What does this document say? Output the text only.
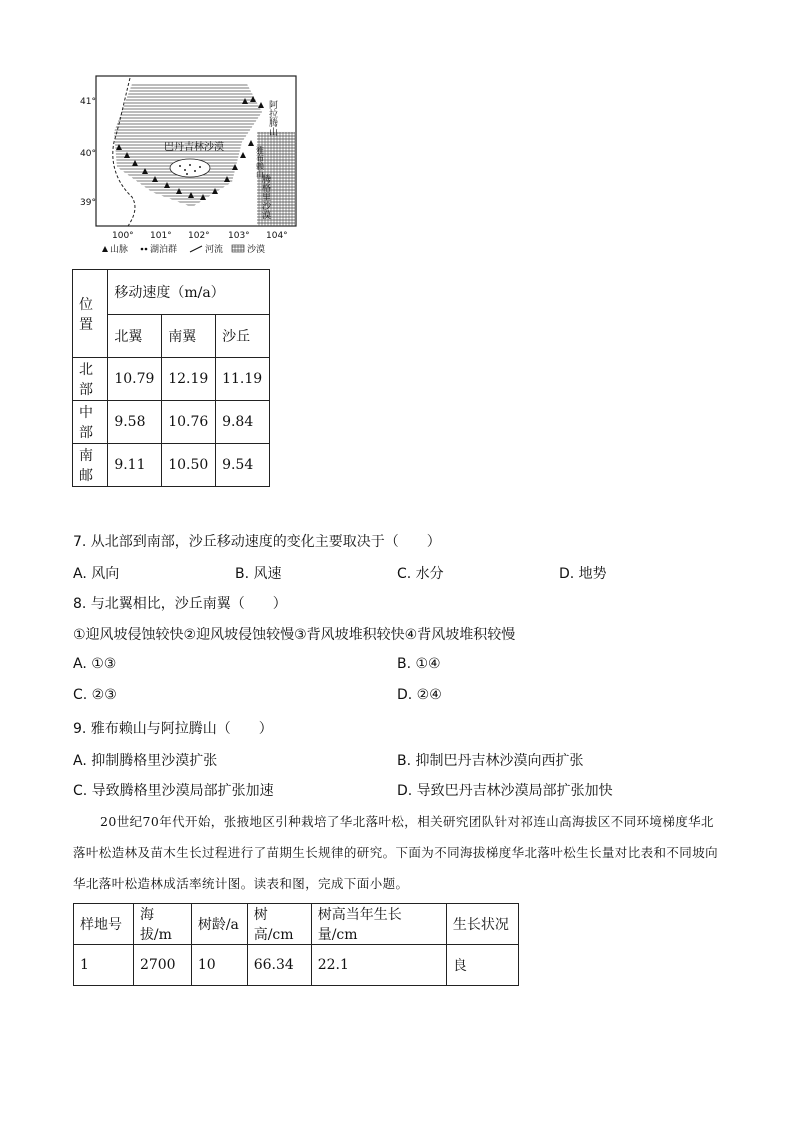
41°
40°
39°
100° 101° 102° 103° 104°
巴丹吉林沙漠
阿拉腾山
雅布赖山
腾格里沙漠
山脉 湖泊群	河流	沙漠
位置	移动速度（m/a）		
	北翼	南翼	沙丘
北部	10.79	12.19	11.19
中部	9.58	10.76	9.84
南邮	9.11	10.50	9.54
7. 从北部到南部，沙丘移动速度的变化主要取决于（　　）
A. 风向	B. 风速	C. 水分	D. 地势
8. 与北翼相比，沙丘南翼（　　）
①迎风坡侵蚀较快②迎风坡侵蚀较慢③背风坡堆积较快④背风坡堆积较慢
A. ①③	B. ①④
C. ②③	D. ②④
9. 雅布赖山与阿拉腾山（　　）
A. 抑制腾格里沙漠扩张	B. 抑制巴丹吉林沙漠向西扩张
C. 导致腾格里沙漠局部扩张加速	D. 导致巴丹吉林沙漠局部扩张加快
20世纪70年代开始，张掖地区引种栽培了华北落叶松，相关研究团队针对祁连山高海拔区不同环境梯度华北落叶松造林及苗木生长过程进行了苗期生长规律的研究。下面为不同海拔梯度华北落叶松生长量对比表和不同坡向华北落叶松造林成活率统计图。读表和图，完成下面小题。
样地号	海拔/m	树龄/a	树高/cm	树高当年生长量/cm	生长状况
1	2700	10	66.34	22.1	良
